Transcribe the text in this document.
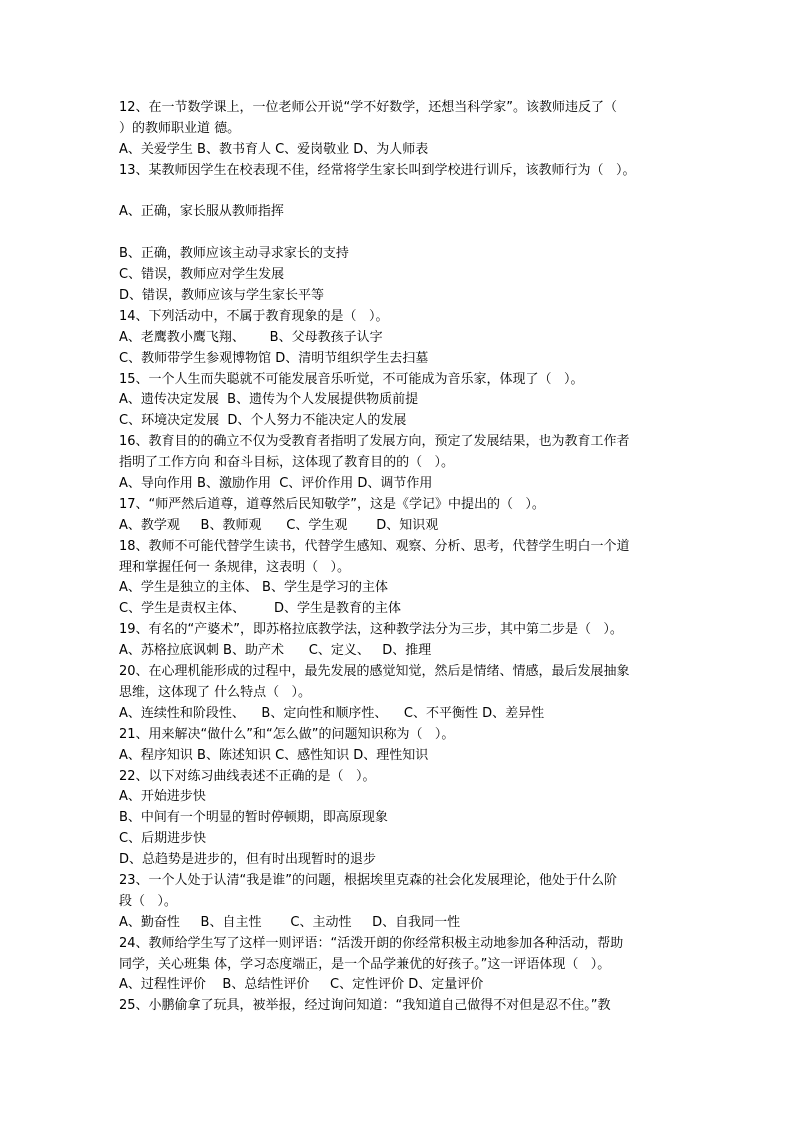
12、在一节数学课上，一位老师公开说“学不好数学，还想当科学家”。该教师违反了（
）的教师职业道 德。
A、关爱学生 B、教书育人 C、爱岗敬业 D、为人师表
13、某教师因学生在校表现不佳，经常将学生家长叫到学校进行训斥，该教师行为（   ）。
A、正确，家长服从教师指挥
B、正确，教师应该主动寻求家长的支持
C、错误，教师应对学生发展
D、错误，教师应该与学生家长平等
14、下列活动中，不属于教育现象的是（   ）。
A、老鹰教小鹰飞翔、      B、父母教孩子认字
C、教师带学生参观博物馆 D、清明节组织学生去扫墓
15、一个人生而失聪就不可能发展音乐听觉，不可能成为音乐家，体现了（   ）。
A、遗传决定发展  B、遗传为个人发展提供物质前提
C、环境决定发展  D、个人努力不能决定人的发展
16、教育目的的确立不仅为受教育者指明了发展方向，预定了发展结果，也为教育工作者
指明了工作方向 和奋斗目标，这体现了教育目的的（   ）。
A、导向作用 B、激励作用  C、评价作用 D、调节作用
17、“师严然后道尊，道尊然后民知敬学”，这是《学记》中提出的（   ）。
A、教学观     B、教师观      C、学生观       D、知识观
18、教师不可能代替学生读书，代替学生感知、观察、分析、思考，代替学生明白一个道
理和掌握任何一 条规律，这表明（   ）。
A、学生是独立的主体、 B、学生是学习的主体
C、学生是责权主体、       D、学生是教育的主体
19、有名的“产婆术”，即苏格拉底教学法，这种教学法分为三步，其中第二步是（   ）。
A、苏格拉底讽刺 B、助产术      C、定义、   D、推理
20、在心理机能形成的过程中，最先发展的感觉知觉，然后是情绪、情感，最后发展抽象
思维，这体现了 什么特点（   ）。
A、连续性和阶段性、    B、定向性和顺序性、    C、不平衡性 D、差异性
21、用来解决“做什么”和“怎么做”的问题知识称为（   ）。
A、程序知识 B、陈述知识 C、感性知识 D、理性知识
22、以下对练习曲线表述不正确的是（   ）。
A、开始进步快
B、中间有一个明显的暂时停顿期，即高原现象
C、后期进步快
D、总趋势是进步的，但有时出现暂时的退步
23、一个人处于认清“我是谁”的问题，根据埃里克森的社会化发展理论，他处于什么阶
段（   ）。
A、勤奋性     B、自主性       C、主动性     D、自我同一性
24、教师给学生写了这样一则评语：“活泼开朗的你经常积极主动地参加各种活动，帮助
同学，关心班集 体，学习态度端正，是一个品学兼优的好孩子。”这一评语体现（   ）。
A、过程性评价    B、总结性评价     C、定性评价 D、定量评价
25、小鹏偷拿了玩具，被举报，经过询问知道：“我知道自己做得不对但是忍不住。”教
